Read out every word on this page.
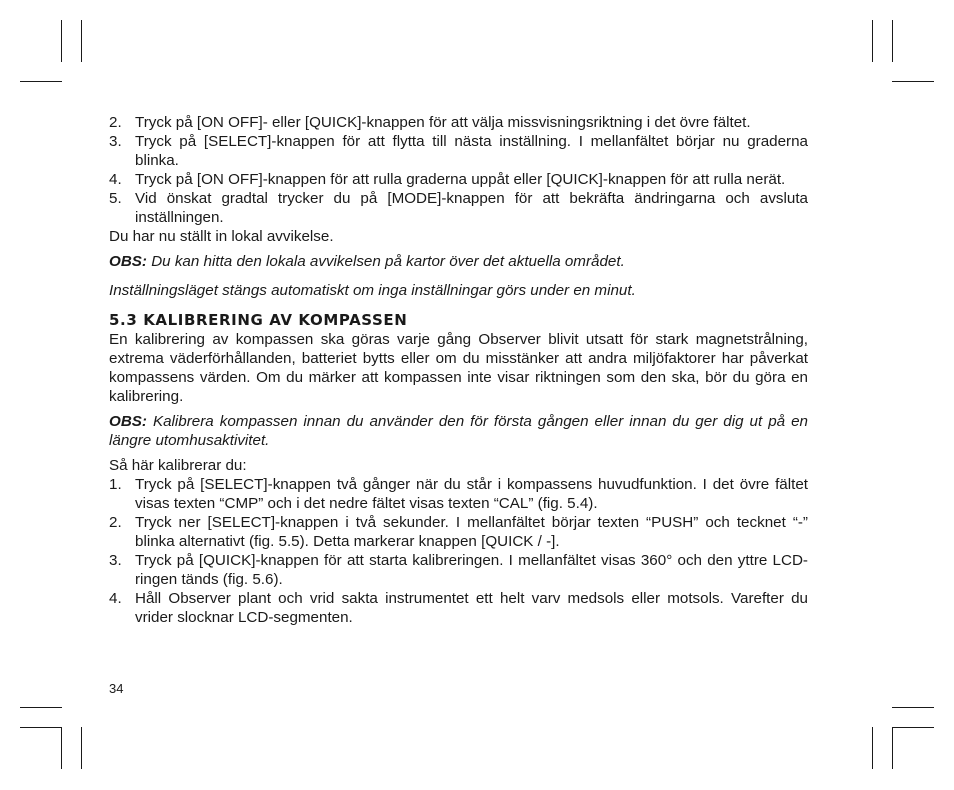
2. Tryck på [ON OFF]- eller [QUICK]-knappen för att välja missvisningsriktning i det övre fältet.
3. Tryck på [SELECT]-knappen för att flytta till nästa inställning. I mellanfältet börjar nu graderna blinka.
4. Tryck på [ON OFF]-knappen för att rulla graderna uppåt eller [QUICK]-knappen för att rulla nerät.
5. Vid önskat gradtal trycker du på [MODE]-knappen för att bekräfta ändringarna och avsluta inställningen.

Du har nu ställt in lokal avvikelse.

OBS: Du kan hitta den lokala avvikelsen på kartor över det aktuella området.

Inställningsläget stängs automatiskt om inga inställningar görs under en minut.

5.3 KALIBRERING AV KOMPASSEN

En kalibrering av kompassen ska göras varje gång Observer blivit utsatt för stark magnetstrålning, extrema väderförhållanden, batteriet bytts eller om du misstänker att andra miljöfaktorer har påverkat kompassens värden. Om du märker att kompassen inte visar riktningen som den ska, bör du göra en kalibrering.

OBS: Kalibrera kompassen innan du använder den för första gången eller innan du ger dig ut på en längre utomhusaktivitet.

Så här kalibrerar du:

1. Tryck på [SELECT]-knappen två gånger när du står i kompassens huvudfunktion. I det övre fältet visas texten “CMP” och i det nedre fältet visas texten “CAL” (fig. 5.4).
2. Tryck ner [SELECT]-knappen i två sekunder. I mellanfältet börjar texten “PUSH” och tecknet “-” blinka alternativt (fig. 5.5). Detta markerar knappen [QUICK / -].
3. Tryck på [QUICK]-knappen för att starta kalibreringen. I mellanfältet visas 360° och den yttre LCD-ringen tänds (fig. 5.6).
4. Håll Observer plant och vrid sakta instrumentet ett helt varv medsols eller motsols. Varefter du vrider slocknar LCD-segmenten.
34
